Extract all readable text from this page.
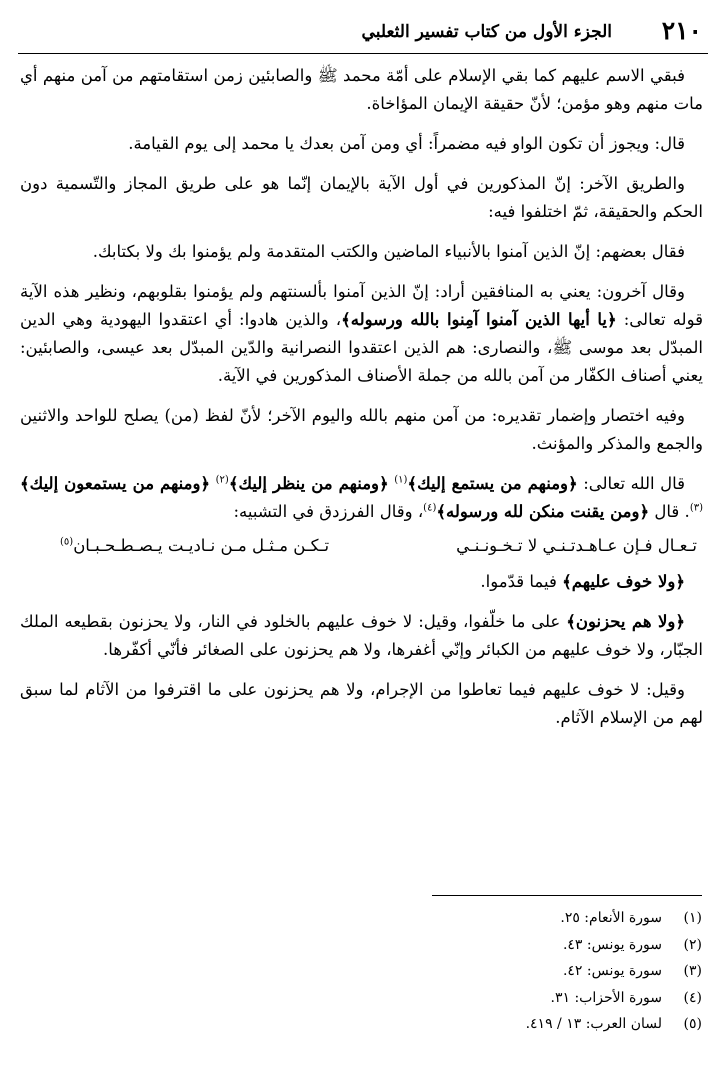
٢١٠
الجزء الأول من كتاب تفسير الثعلبي

فبقي الاسم عليهم كما بقي الإسلام على أمّة محمد ﷺ والصابئين زمن استقامتهم من آمن منهم أي مات منهم وهو مؤمن؛ لأنّ حقيقة الإيمان المؤاخاة.

قال: ويجوز أن تكون الواو فيه مضمراً: أي ومن آمن بعدك يا محمد إلى يوم القيامة.

والطريق الآخر: إنّ المذكورين في أول الآية بالإيمان إنّما هو على طريق المجاز والتّسمية دون الحكم والحقيقة، ثمّ اختلفوا فيه:

فقال بعضهم: إنّ الذين آمنوا بالأنبياء الماضين والكتب المتقدمة ولم يؤمنوا بك ولا بكتابك.

وقال آخرون: يعني به المنافقين أراد: إنّ الذين آمنوا بألسنتهم ولم يؤمنوا بقلوبهم، ونظير هذه الآية قوله تعالى: ﴿يا أيها الذين آمنوا آمِنوا بالله ورسوله﴾، والذين هادوا: أي اعتقدوا اليهودية وهي الدين المبدّل بعد موسى ﷺ، والنصارى: هم الذين اعتقدوا النصرانية والدّين المبدّل بعد عيسى، والصابئين: يعني أصناف الكفّار من آمن بالله من جملة الأصناف المذكورين في الآية.

وفيه اختصار وإضمار تقديره: من آمن منهم بالله واليوم الآخر؛ لأنّ لفظ (من) يصلح للواحد والاثنين والجمع والمذكر والمؤنث.

قال الله تعالى: ﴿ومنهم من يستمع إليك﴾$^{(١)}$ ﴿ومنهم من ينظر إليك﴾$^{(٢)}$ ﴿ومنهم من يستمعون إليك﴾$^{(٣)}$. قال ﴿ومن يقنت منكن لله ورسوله﴾$^{(٤)}$، وقال الفرزدق في التشبيه:

تـعـال فـإن عـاهـدتـنـي لا تـخـونـنـي
تـكـن مـثـل مـن نـاديـت يـصـطـحـبـان$^{(٥)}$

﴿ولا خوف عليهم﴾ فيما قدّموا.

﴿ولا هم يحزنون﴾ على ما خلّفوا، وقيل: لا خوف عليهم بالخلود في النار، ولا يحزنون بقطيعه الملك الجبّار، ولا خوف عليهم من الكبائر وإنّي أغفرها، ولا هم يحزنون على الصغائر فأنّي أكفّرها.

وقيل: لا خوف عليهم فيما تعاطوا من الإجرام، ولا هم يحزنون على ما اقترفوا من الآثام لما سبق لهم من الإسلام الآثام.

(١)
سورة الأنعام: ٢٥.
(٢)
سورة يونس: ٤٣.
(٣)
سورة يونس: ٤٢.
(٤)
سورة الأحزاب: ٣١.
(٥)
لسان العرب: ١٣ / ٤١٩.
